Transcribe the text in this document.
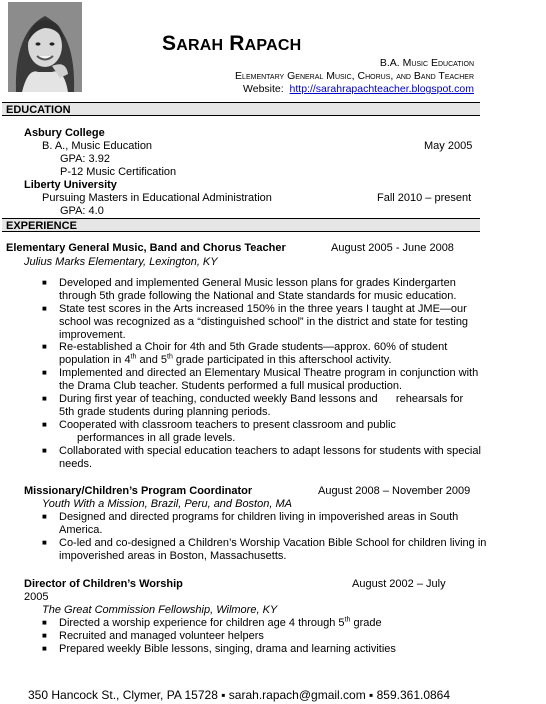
SARAH RAPACH
B.A. Music Education
Elementary General Music, Chorus, and Band Teacher
Website: http://sarahrapachteacher.blogspot.com
EDUCATION
Asbury College
B. A., Music Education	May 2005
GPA: 3.92
P-12 Music Certification
Liberty University
Pursuing Masters in Educational Administration	Fall 2010 – present
GPA: 4.0
EXPERIENCE
Elementary General Music, Band and Chorus Teacher	August 2005 - June 2008
Julius Marks Elementary, Lexington, KY
■ Developed and implemented General Music lesson plans for grades Kindergarten through 5th grade following the National and State standards for music education.
■ State test scores in the Arts increased 150% in the three years I taught at JME—our school was recognized as a “distinguished school” in the district and state for testing improvement.
■ Re-established a Choir for 4th and 5th Grade students—approx. 60% of student population in 4th and 5th grade participated in this afterschool activity.
■ Implemented and directed an Elementary Musical Theatre program in conjunction with the Drama Club teacher. Students performed a full musical production.
■ During first year of teaching, conducted weekly Band lessons and rehearsals for
5th grade students during planning periods.
■ Cooperated with classroom teachers to present classroom and public
performances in all grade levels.
■ Collaborated with special education teachers to adapt lessons for students with special needs.
Missionary/Children’s Program Coordinator	August 2008 – November 2009
Youth With a Mission, Brazil, Peru, and Boston, MA
■ Designed and directed programs for children living in impoverished areas in South America.
■ Co-led and co-designed a Children’s Worship Vacation Bible School for children living in impoverished areas in Boston, Massachusetts.
Director of Children’s Worship	August 2002 – July
2005
The Great Commission Fellowship, Wilmore, KY
■ Directed a worship experience for children age 4 through 5th grade
■ Recruited and managed volunteer helpers
■ Prepared weekly Bible lessons, singing, drama and learning activities
350 Hancock St., Clymer, PA 15728 ▪ sarah.rapach@gmail.com ▪ 859.361.0864
